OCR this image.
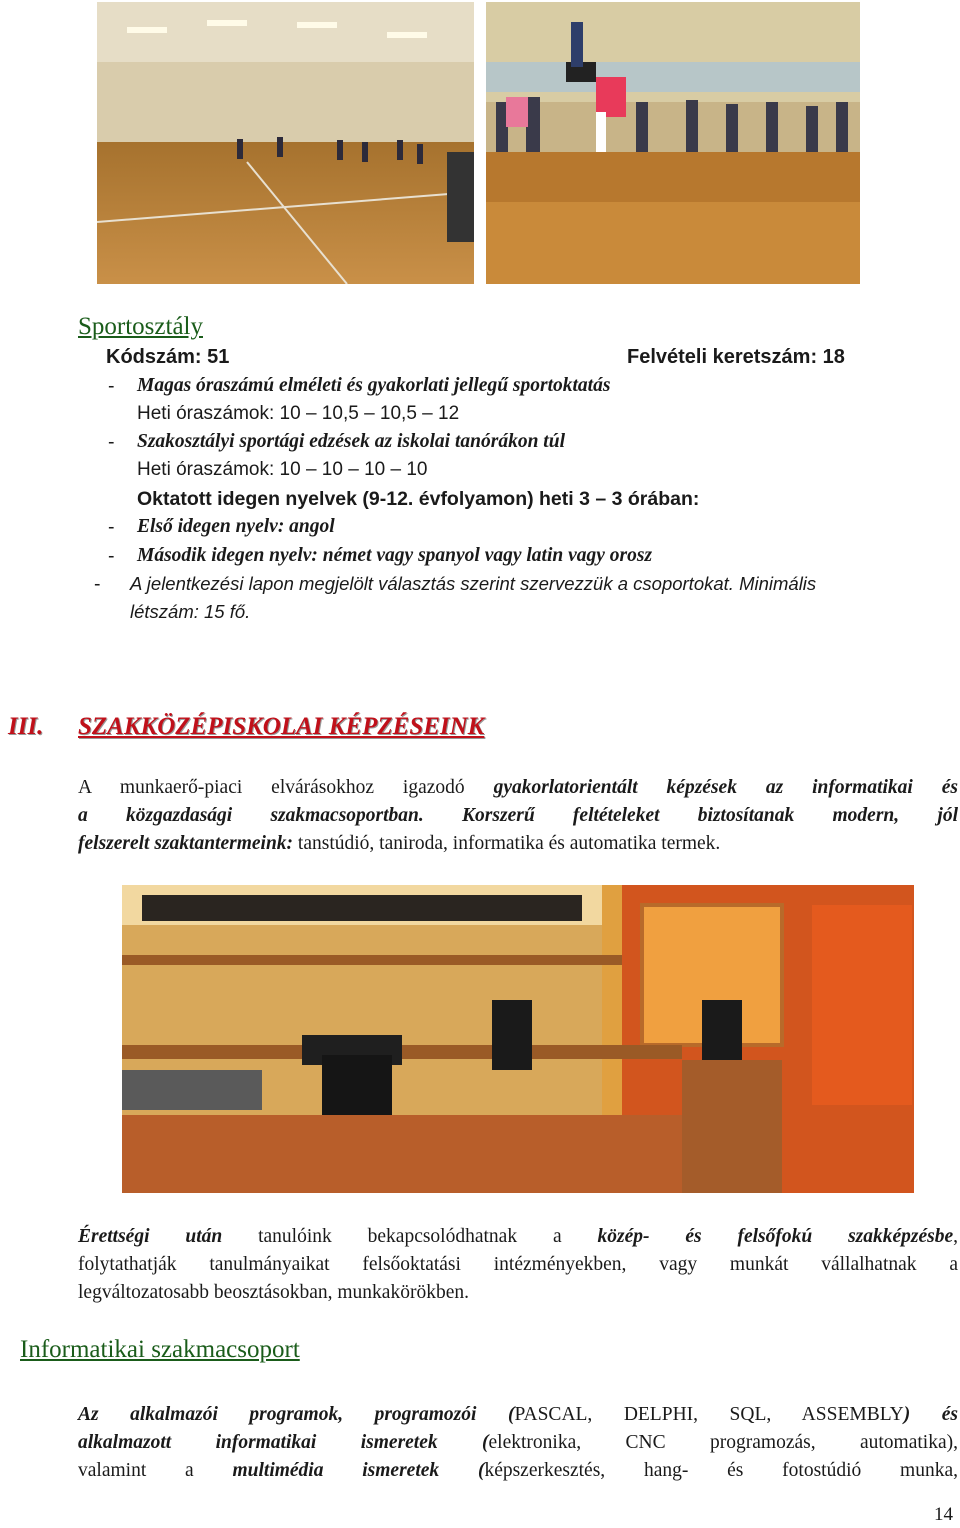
Sportosztály
Kódszám: 51	Felvételi keretszám: 18
- Magas óraszámú elméleti és gyakorlati jellegű sportoktatás
Heti óraszámok: 10 – 10,5 – 10,5 – 12
- Szakosztályi sportági edzések az iskolai tanórákon túl
Heti óraszámok: 10 – 10 – 10 – 10
Oktatott idegen nyelvek (9-12. évfolyamon) heti 3 – 3 órában:
- Első idegen nyelv: angol
- Második idegen nyelv: német vagy spanyol vagy latin vagy orosz
- A jelentkezési lapon megjelölt választás szerint szervezzük a csoportokat. Minimális
létszám: 15 fő.
III. SZAKKÖZÉPISKOLAI KÉPZÉSEINK
A munkaerő-piaci elvárásokhoz igazodó gyakorlatorientált képzések az informatikai és
a közgazdasági szakmacsoportban. Korszerű feltételeket biztosítanak modern, jól
felszerelt szaktantermeink: tanstúdió, taniroda, informatika és automatika termek.
Érettségi után tanulóink bekapcsolódhatnak a közép- és felsőfokú szakképzésbe,
folytathatják tanulmányaikat felsőoktatási intézményekben, vagy munkát vállalhatnak a
legváltozatosabb beosztásokban, munkakörökben.
Informatikai szakmacsoport
Az alkalmazói programok, programozói (PASCAL, DELPHI, SQL, ASSEMBLY) és
alkalmazott informatikai ismeretek (elektronika, CNC programozás, automatika),
valamint a multimédia ismeretek (képszerkesztés, hang- és fotostúdió munka,
14
